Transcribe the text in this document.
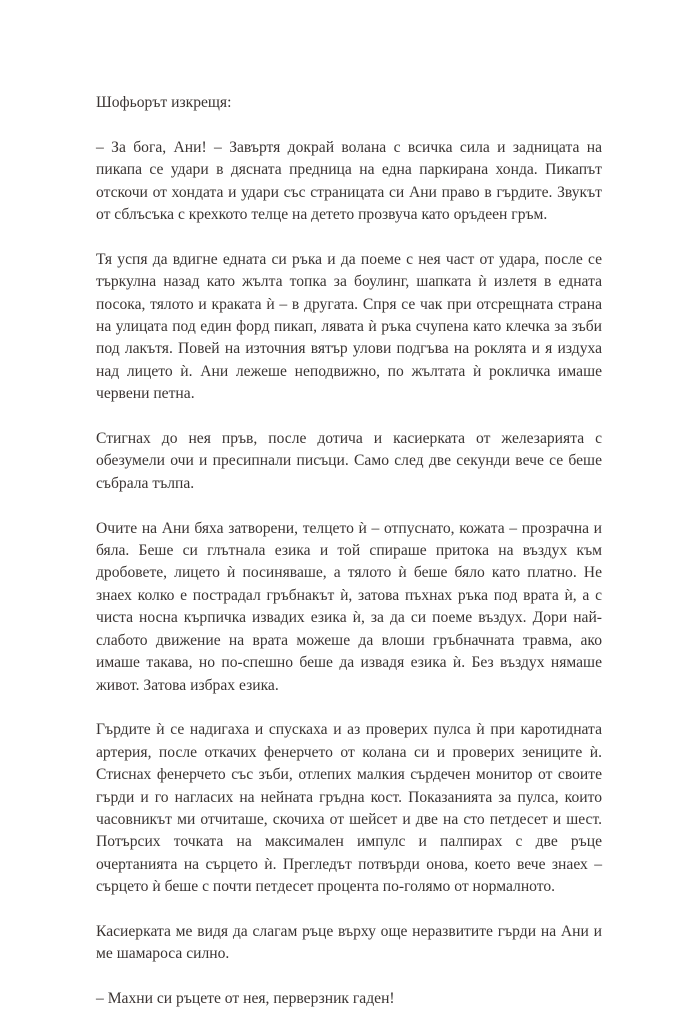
Шофьорът изкрещя:

– За бога, Ани! – Завъртя докрай волана с всичка сила и задницата на пикапа се удари в дясната предница на една паркирана хонда. Пикапът отскочи от хондата и удари със страницата си Ани право в гърдите. Звукът от сблъсъка с крехкото телце на детето прозвуча като оръдеен гръм.

Тя успя да вдигне едната си ръка и да поеме с нея част от удара, после се търкулна назад като жълта топка за боулинг, шапката ѝ излетя в едната посока, тялото и краката ѝ – в другата. Спря се чак при отсрещната страна на улицата под един форд пикап, лявата ѝ ръка счупена като клечка за зъби под лакътя. Повей на източния вятър улови подгъва на роклята и я издуха над лицето ѝ. Ани лежеше неподвижно, по жълтата ѝ рокличка имаше червени петна.

Стигнах до нея пръв, после дотича и касиерката от железарията с обезумели очи и пресипнали писъци. Само след две секунди вече се беше събрала тълпа.

Очите на Ани бяха затворени, телцето ѝ – отпуснато, кожата – прозрачна и бяла. Беше си глътнала езика и той спираше притока на въздух към дробовете, лицето ѝ посиняваше, а тялото ѝ беше бяло като платно. Не знаех колко е пострадал гръбнакът ѝ, затова пъхнах ръка под врата ѝ, а с чиста носна кърпичка извадих езика ѝ, за да си поеме въздух. Дори най-слабото движение на врата можеше да влоши гръбначната травма, ако имаше такава, но по-спешно беше да извадя езика ѝ. Без въздух нямаше живот. Затова избрах езика.

Гърдите ѝ се надигаха и спускаха и аз проверих пулса ѝ при каротидната артерия, после откачих фенерчето от колана си и проверих зениците ѝ. Стиснах фенерчето със зъби, отлепих малкия сърдечен монитор от своите гърди и го нагласих на нейната гръдна кост. Показанията за пулса, които часовникът ми отчиташе, скочиха от шейсет и две на сто петдесет и шест. Потърсих точката на максимален импулс и палпирах с две ръце очертанията на сърцето ѝ. Прегледът потвърди онова, което вече знаех – сърцето ѝ беше с почти петдесет процента по-голямо от нормалното.

Касиерката ме видя да слагам ръце върху още неразвитите гърди на Ани и ме шамароса силно.

– Махни си ръцете от нея, перверзник гаден!
